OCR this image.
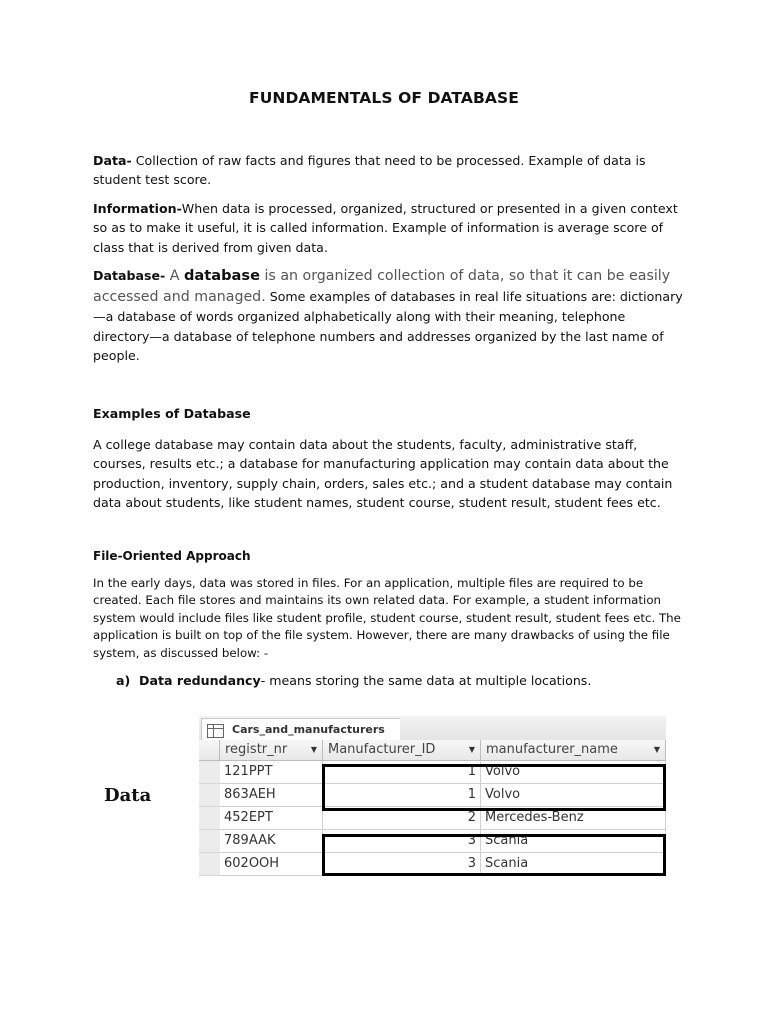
FUNDAMENTALS OF DATABASE
Data- Collection of raw facts and figures that need to be processed. Example of data is student test score.
Information-When data is processed, organized, structured or presented in a given context so as to make it useful, it is called information. Example of information is average score of class that is derived from given data.
Database- A database is an organized collection of data, so that it can be easily accessed and managed. Some examples of databases in real life situations are: dictionary—a database of words organized alphabetically along with their meaning, telephone directory—a database of telephone numbers and addresses organized by the last name of people.
Examples of Database
A college database may contain data about the students, faculty, administrative staff, courses, results etc.; a database for manufacturing application may contain data about the production, inventory, supply chain, orders, sales etc.; and a student database may contain data about students, like student names, student course, student result, student fees etc.
File-Oriented Approach
In the early days, data was stored in files. For an application, multiple files are required to be created. Each file stores and maintains its own related data. For example, a student information system would include files like student profile, student course, student result, student fees etc. The application is built on top of the file system. However, there are many drawbacks of using the file system, as discussed below: -
a) Data redundancy- means storing the same data at multiple locations.
Data
Cars_and_manufacturers
registr_nr	▼ Manufacturer_ID	▼ manufacturer_name	▼
121PPT	1 Volvo
863AEH	1 Volvo
452EPT	2 Mercedes-Benz
789AAK	3 Scania
602OOH	3 Scania
